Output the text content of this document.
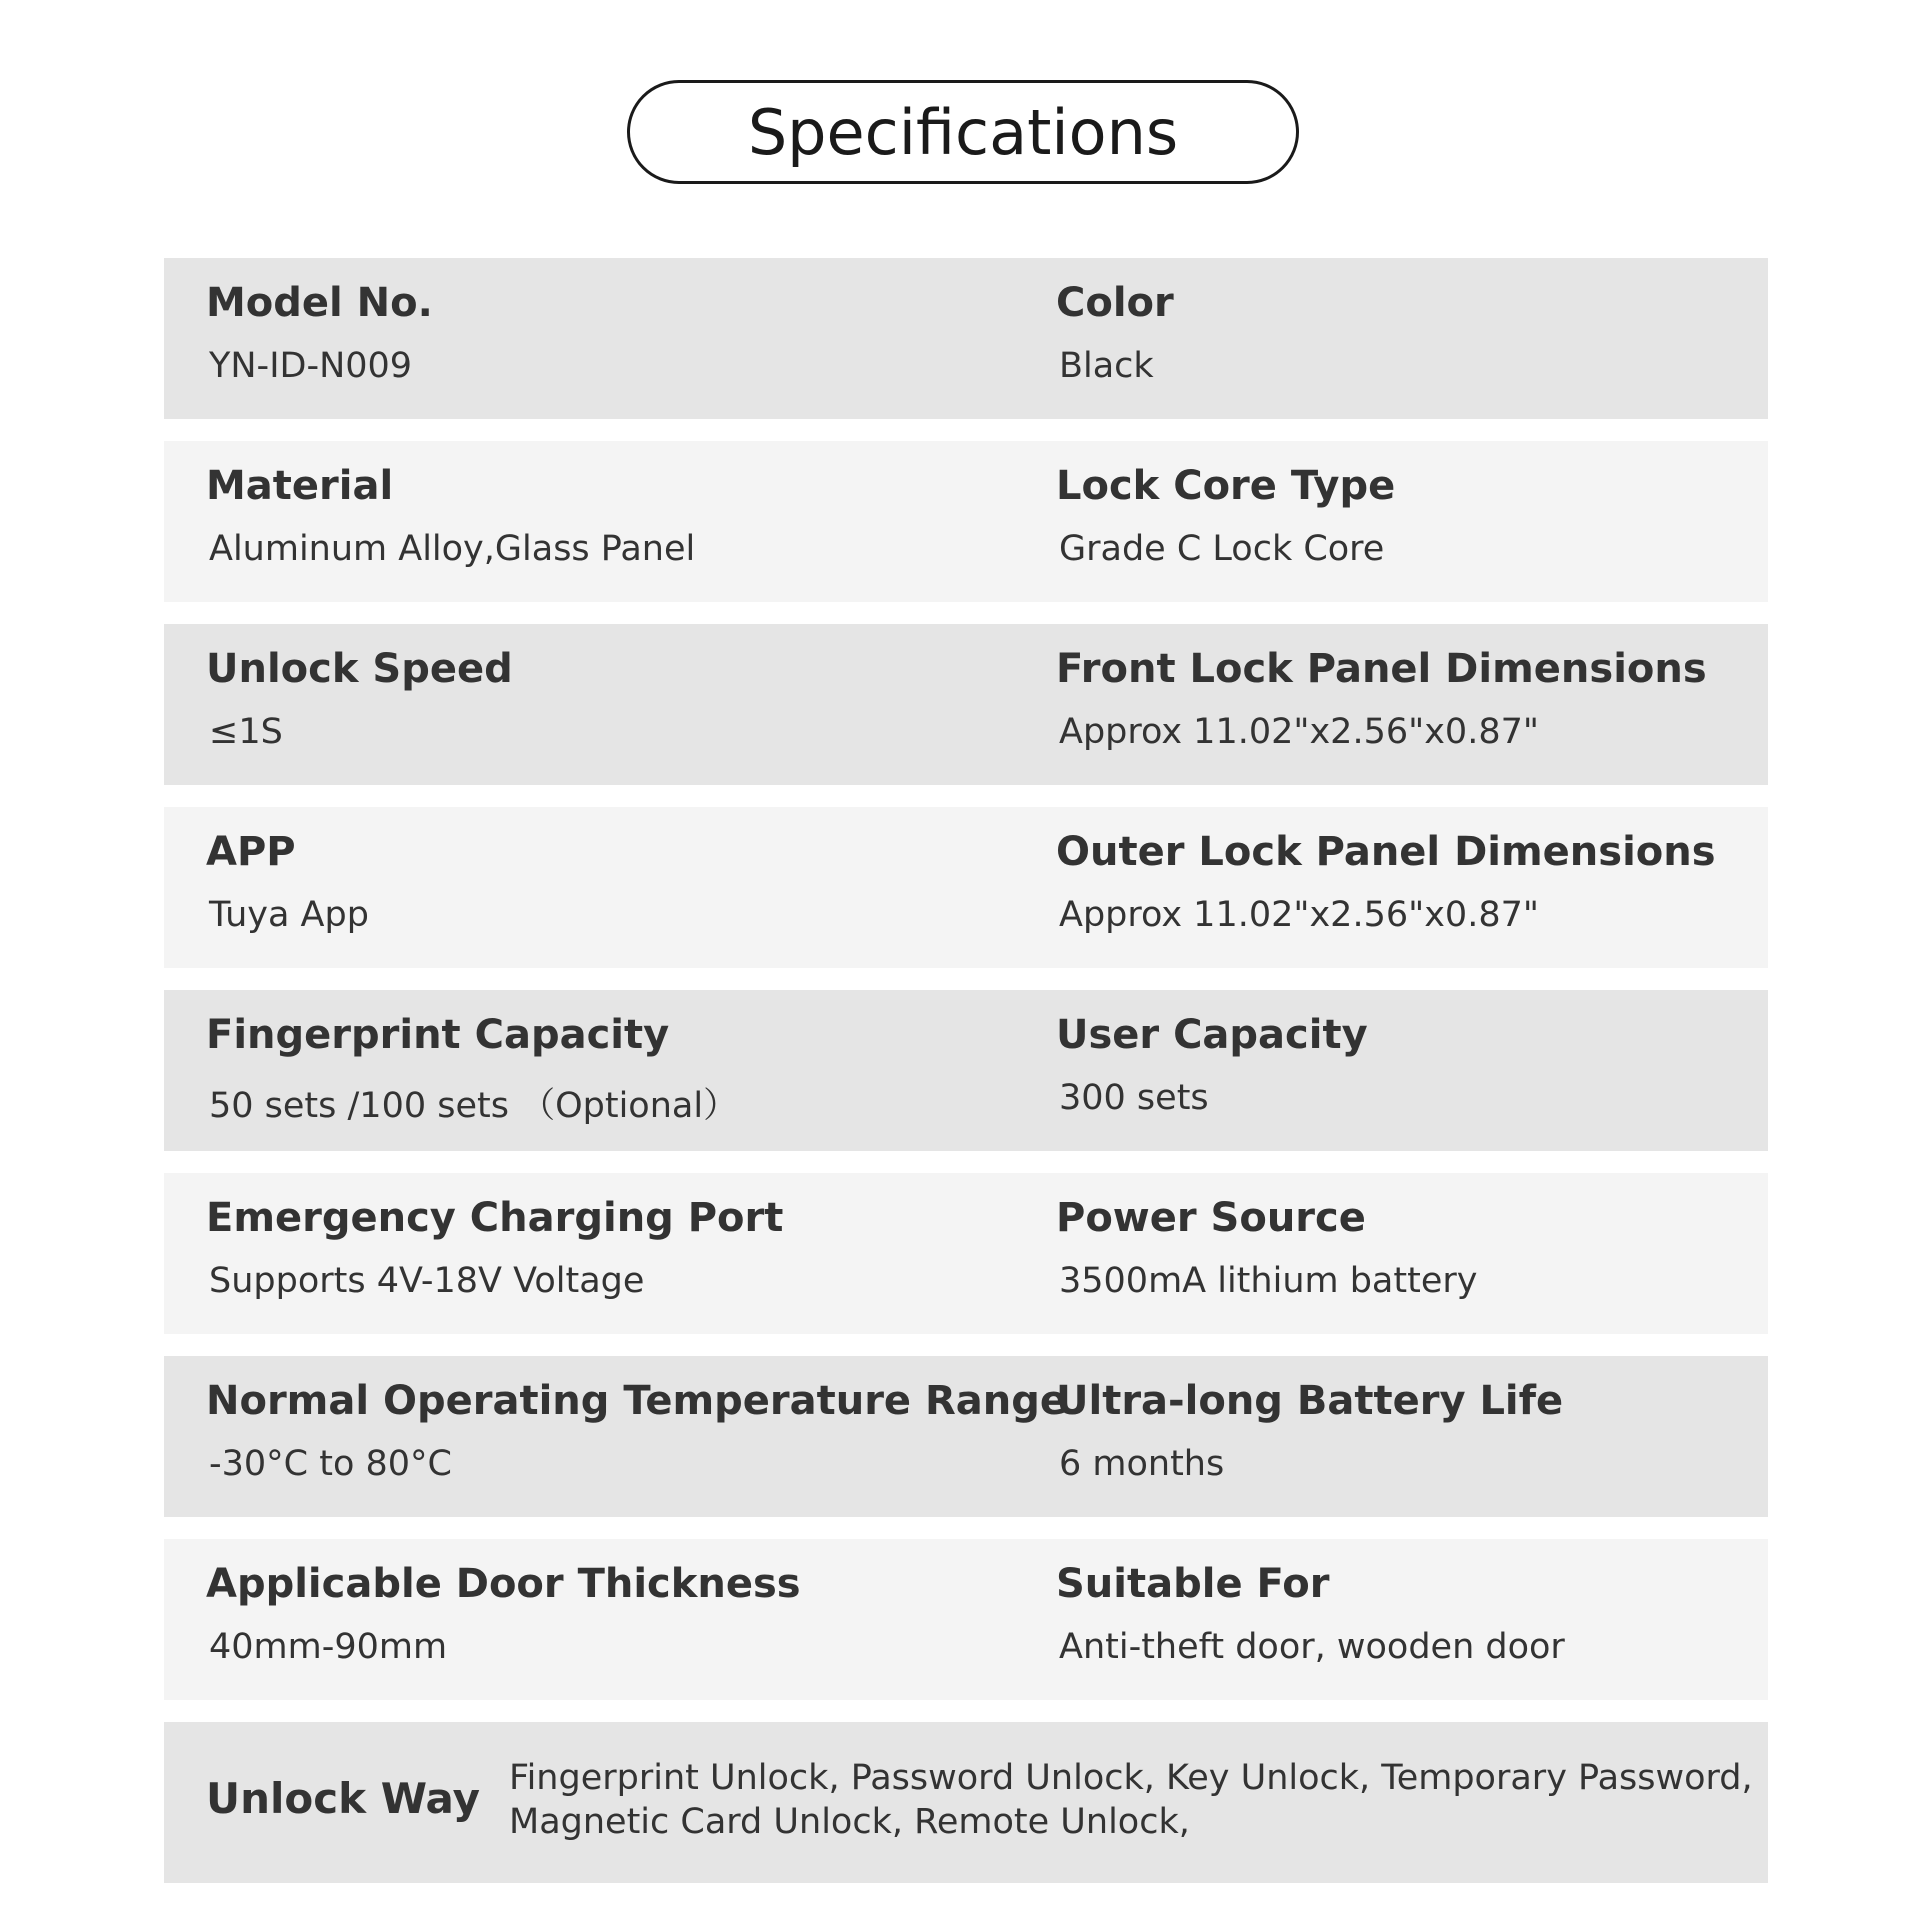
Specifications
Model No.
YN-ID-N009
Color
Black
Material
Aluminum Alloy,Glass Panel
Lock Core Type
Grade C Lock Core
Unlock Speed
≤1S
Front Lock Panel Dimensions
Approx 11.02"x2.56"x0.87"
APP
Tuya App
Outer Lock Panel Dimensions
Approx 11.02"x2.56"x0.87"
Fingerprint Capacity
50 sets /100 sets （Optional）
User Capacity
300 sets
Emergency Charging Port
Supports 4V-18V Voltage
Power Source
3500mA lithium battery
Normal Operating Temperature Range
-30°C to 80°C
Ultra-long Battery Life
6 months
Applicable Door Thickness
40mm-90mm
Suitable For
Anti-theft door, wooden door
Unlock Way Fingerprint Unlock, Password Unlock, Key Unlock, Temporary Password,
Magnetic Card Unlock, Remote Unlock,
